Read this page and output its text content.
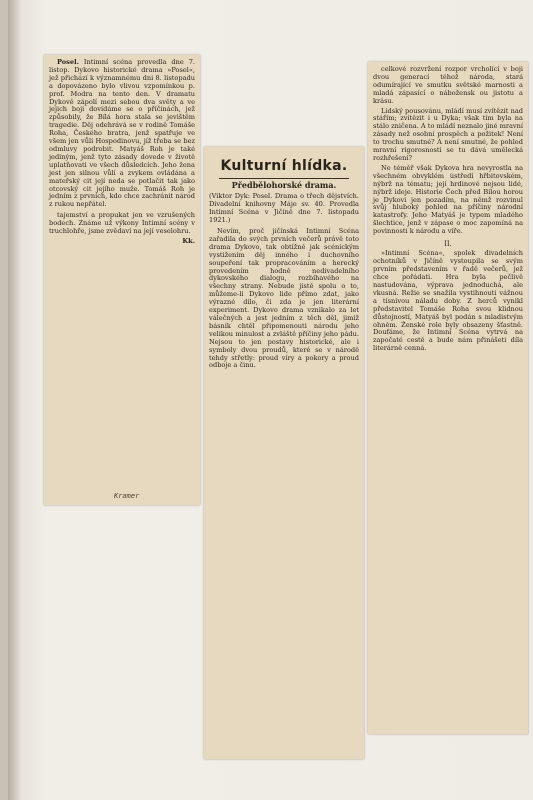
Posel. Intimní scéna provedla dne 7. listop. Dykovo historické drama »Posel«, jež přichází k významnému dni 8. listopadu a dopovázeno bylo vlivou vzpomínkou p. prof. Modra na tento den. V dramatu Dykově zápolí mezi sebou dva světy a ve jejich boji dovídáme se o příčinách, jež způsobily, že Bílá hora stala se jevištěm tragedie. Děj odehrává se v rodině Tomáše Roha, Českého bratra, jenž spatřuje ve všem jen vůli Hospodinovu, jíž třeba se bez odmluvy podrobit. Matyáš Roh je také jediným, jenž tyto zásady dovede v životě uplatňovati ve všech důsledcích. Jeho žena jest jen silnou vůlí a zvykem ovládána a mateřský cit její neda se potlačit tak jako otcovský cit jejího muže. Tomáš Roh je jedním z prvních, kdo chce zachránit národ z rukou nepřátel.

tajemství a propukat jen ve vzrušených bodech. Známe už výkony Intimní scény v truchlohře, jsme zvědaví na její veselohru.

Kk.
Kramer
Kulturní hlídka.
Předbělohorské drama.

(Viktor Dyk: Posel. Drama o třech dějstvích. Divadelní knihovny Máje sv. 40. Provedla Intimní Scéna v Jičíně dne 7. listopadu 1921.)

Nevím, proč jičínská Intimní Scéna zařadila do svých prvních večerů právě toto drama Dykovo, tak obtížné jak scénickým vystižením děj inného i duchovního soupeření tak propracováním a herecký provedením hodně nedivadelního dykovského dialogu, rozbíhavého na všechny strany. Nebude jistě spolu o to, můžeme-li Dykovo lide přímo zdat, jako výrazné dílo, či zda je jen literární experiment. Dykovo drama vznikalo za let válečných a jest jedním z těch děl, jimiž básník chtěl připomenouti národu jeho velikou minulost a zvláště příčiny jeho pádu. Nejsou to jen postavy historické, ale i symboly dvou proudů, které se v národě tehdy střetly: proud víry a pokory a proud odboje a činu.

celkové rozvržení rozpor vrcholící v boji dvou generací téhož národa, stará odumírající ve smutku světské marnosti a mladá zápasící o nábožensk ou jistotu a krásu.

Lidský pousovánu, mládí musí zvítězit nad stářím; zvítězit i u Dyka; však tím byla na stálo zničena. A to mládí neznalo jiné mravní zásady než osobní prospěch a požitek! Není to trochu smutné? A není smutné, že pohled mravní rigorosnosti se tu dává umělecká rozhřešení?

Ne téměř však Dykova hra nevyrostla na všechném obvyklém ústředí hřbitovském, nýbrž na tématu; její hrdinové nejsou lidé, nýbrž ideje. Historie Čech před Bílou horou je Dykovi jen pozadím, na němž rozvinul svůj hluboký pohled na příčiny národní katastrofy. Jeho Matyáš je typem mladého šlechtice, jenž v zápase o moc zapomíná na povinnosti k národu a víře.

II.

»Intimní Scéna«, spolek divadelních ochotníků v Jičíně vystoupila se svým prvním představením v řadě večerů, jež chce pořádati. Hra byla pečlivě nastudována, výprava jednoduchá, ale vkusná. Režie se snažila vystihnouti vážnou a tísnivou náladu doby. Z herců vynikl představitel Tomáše Roha svou klidnou důstojností, Matyáš byl podán s mladistvým ohněm. Ženské role byly obsazeny šťastně. Doufáme, že Intimní Scéna vytrvá na započaté cestě a bude nám přinášeti díla literárně cenná.
